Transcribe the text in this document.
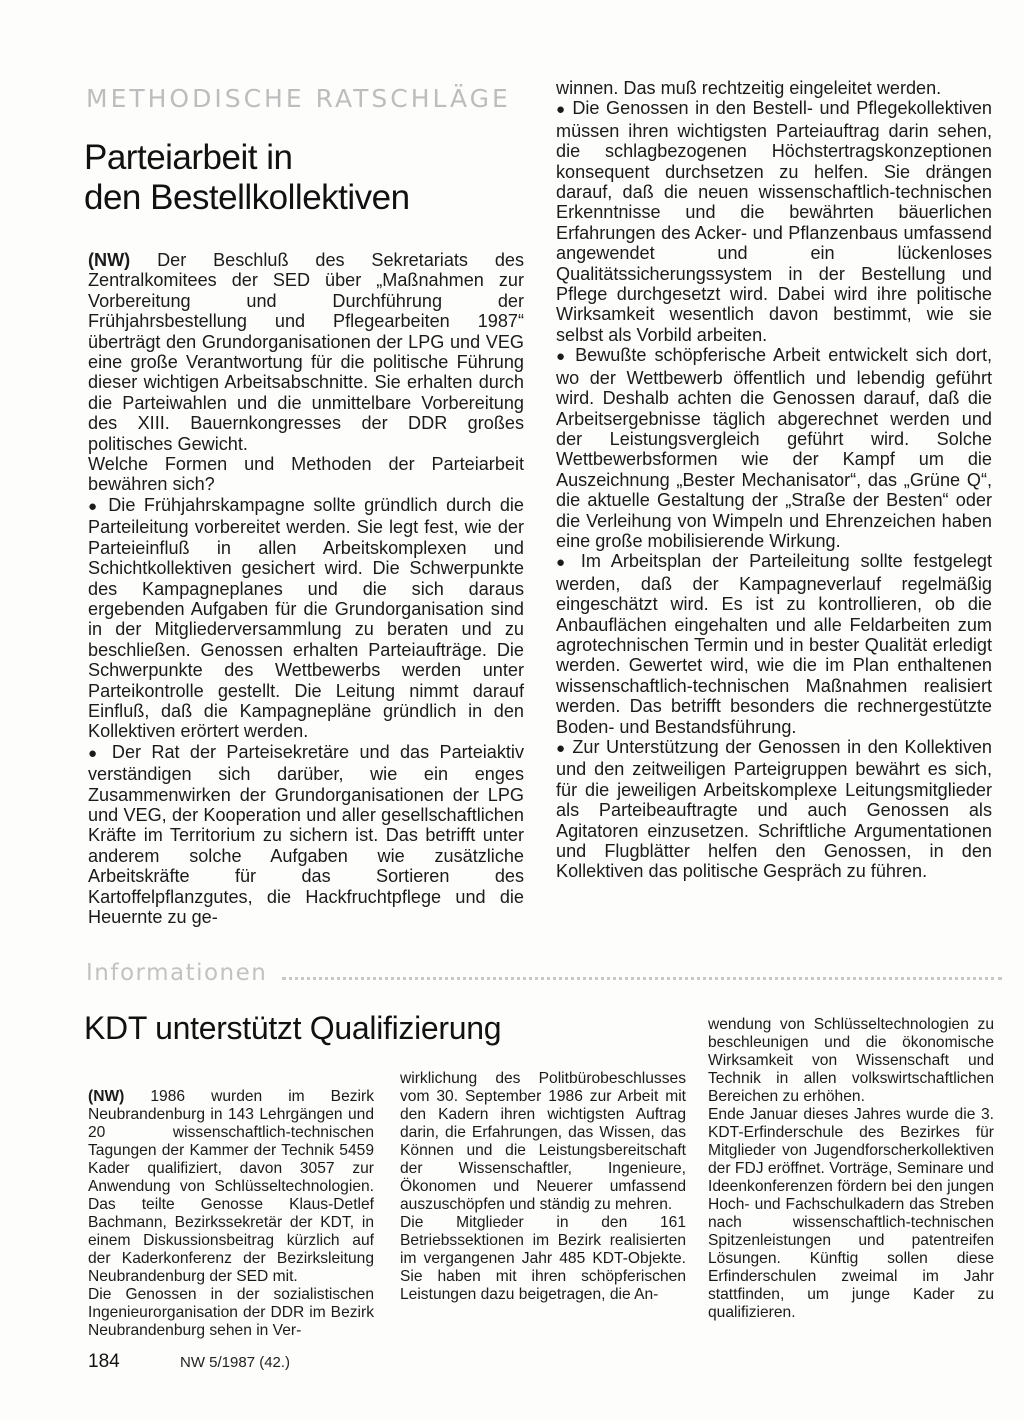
METHODISCHE RATSCHLÄGE
Parteiarbeit in
den Bestellkollektiven

(NW) Der Beschluß des Sekretariats des Zentralkomitees der SED über „Maßnahmen zur Vorbereitung und Durchführung der Frühjahrsbestellung und Pflegearbeiten 1987“ überträgt den Grundorganisationen der LPG und VEG eine große Verantwortung für die politische Führung dieser wichtigen Arbeitsabschnitte. Sie erhalten durch die Parteiwahlen und die unmittelbare Vorbereitung des XIII. Bauernkongresses der DDR großes politisches Gewicht.

Welche Formen und Methoden der Parteiarbeit bewähren sich?

● Die Frühjahrskampagne sollte gründlich durch die Parteileitung vorbereitet werden. Sie legt fest, wie der Parteieinfluß in allen Arbeitskomplexen und Schichtkollektiven gesichert wird. Die Schwerpunkte des Kampagneplanes und die sich daraus ergebenden Aufgaben für die Grundorganisation sind in der Mitgliederversammlung zu beraten und zu beschließen. Genossen erhalten Parteiaufträge. Die Schwerpunkte des Wettbewerbs werden unter Parteikontrolle gestellt. Die Leitung nimmt darauf Einfluß, daß die Kampagnepläne gründlich in den Kollektiven erörtert werden.

● Der Rat der Parteisekretäre und das Parteiaktiv verständigen sich darüber, wie ein enges Zusammenwirken der Grundorganisationen der LPG und VEG, der Kooperation und aller gesellschaftlichen Kräfte im Territorium zu sichern ist. Das betrifft unter anderem solche Aufgaben wie zusätzliche Arbeitskräfte für das Sortieren des Kartoffelpflanzgutes, die Hackfruchtpflege und die Heuernte zu ge-

winnen. Das muß rechtzeitig eingeleitet werden.

● Die Genossen in den Bestell- und Pflegekollektiven müssen ihren wichtigsten Parteiauftrag darin sehen, die schlagbezogenen Höchstertragskonzeptionen konsequent durchsetzen zu helfen. Sie drängen darauf, daß die neuen wissenschaftlich-technischen Erkenntnisse und die bewährten bäuerlichen Erfahrungen des Acker- und Pflanzenbaus umfassend angewendet und ein lückenloses Qualitätssicherungssystem in der Bestellung und Pflege durchgesetzt wird. Dabei wird ihre politische Wirksamkeit wesentlich davon bestimmt, wie sie selbst als Vorbild arbeiten.

● Bewußte schöpferische Arbeit entwickelt sich dort, wo der Wettbewerb öffentlich und lebendig geführt wird. Deshalb achten die Genossen darauf, daß die Arbeitsergebnisse täglich abgerechnet werden und der Leistungsvergleich geführt wird. Solche Wettbewerbsformen wie der Kampf um die Auszeichnung „Bester Mechanisator“, das „Grüne Q“, die aktuelle Gestaltung der „Straße der Besten“ oder die Verleihung von Wimpeln und Ehrenzeichen haben eine große mobilisierende Wirkung.

● Im Arbeitsplan der Parteileitung sollte festgelegt werden, daß der Kampagneverlauf regelmäßig eingeschätzt wird. Es ist zu kontrollieren, ob die Anbauflächen eingehalten und alle Feldarbeiten zum agrotechnischen Termin und in bester Qualität erledigt werden. Gewertet wird, wie die im Plan enthaltenen wissenschaftlich-technischen Maßnahmen realisiert werden. Das betrifft besonders die rechnergestützte Boden- und Bestandsführung.

● Zur Unterstützung der Genossen in den Kollektiven und den zeitweiligen Parteigruppen bewährt es sich, für die jeweiligen Arbeitskomplexe Leitungsmitglieder als Parteibeauftragte und auch Genossen als Agitatoren einzusetzen. Schriftliche Argumentationen und Flugblätter helfen den Genossen, in den Kollektiven das politische Gespräch zu führen.

Informationen
KDT unterstützt Qualifizierung

(NW) 1986 wurden im Bezirk Neubrandenburg in 143 Lehrgängen und 20 wissenschaftlich-technischen Tagungen der Kammer der Technik 5459 Kader qualifiziert, davon 3057 zur Anwendung von Schlüsseltechnologien. Das teilte Genosse Klaus-Detlef Bachmann, Bezirkssekretär der KDT, in einem Diskussionsbeitrag kürzlich auf der Kaderkonferenz der Bezirksleitung Neubrandenburg der SED mit.

Die Genossen in der sozialistischen Ingenieurorganisation der DDR im Bezirk Neubrandenburg sehen in Ver-

wirklichung des Politbürobeschlusses vom 30. September 1986 zur Arbeit mit den Kadern ihren wichtigsten Auftrag darin, die Erfahrungen, das Wissen, das Können und die Leistungsbereitschaft der Wissenschaftler, Ingenieure, Ökonomen und Neuerer umfassend auszuschöpfen und ständig zu mehren.

Die Mitglieder in den 161 Betriebssektionen im Bezirk realisierten im vergangenen Jahr 485 KDT-Objekte. Sie haben mit ihren schöpferischen Leistungen dazu beigetragen, die An-

wendung von Schlüsseltechnologien zu beschleunigen und die ökonomische Wirksamkeit von Wissenschaft und Technik in allen volkswirtschaftlichen Bereichen zu erhöhen.

Ende Januar dieses Jahres wurde die 3. KDT-Erfinderschule des Bezirkes für Mitglieder von Jugendforscherkollektiven der FDJ eröffnet. Vorträge, Seminare und Ideenkonferenzen fördern bei den jungen Hoch- und Fachschulkadern das Streben nach wissenschaftlich-technischen Spitzenleistungen und patentreifen Lösungen. Künftig sollen diese Erfinderschulen zweimal im Jahr stattfinden, um junge Kader zu qualifizieren.

184	NW 5/1987 (42.)
